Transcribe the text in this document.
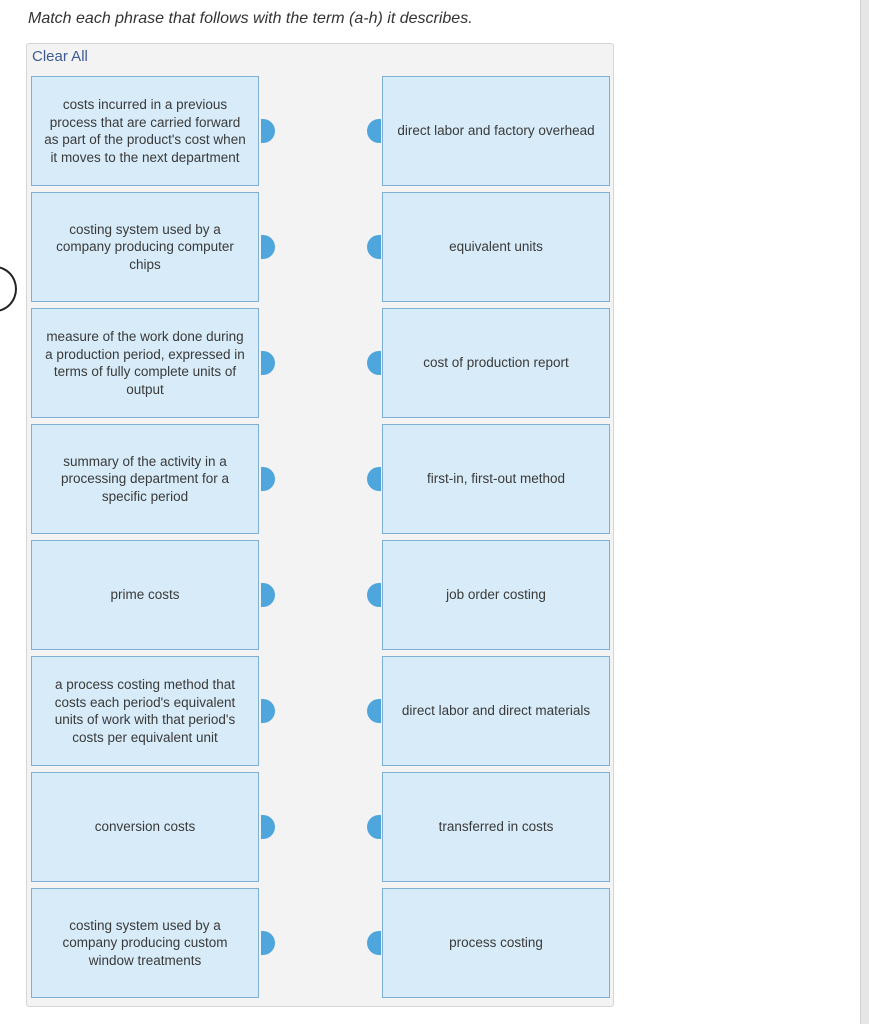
Match each phrase that follows with the term (a-h) it describes.
Clear All
costs incurred in a previous process that are carried forward as part of the product's cost when it moves to the next department
costing system used by a company producing computer chips
measure of the work done during a production period, expressed in terms of fully complete units of output
summary of the activity in a processing department for a specific period
prime costs
a process costing method that costs each period's equivalent units of work with that period's costs per equivalent unit
conversion costs
costing system used by a company producing custom window treatments
direct labor and factory overhead
equivalent units
cost of production report
first-in, first-out method
job order costing
direct labor and direct materials
transferred in costs
process costing
